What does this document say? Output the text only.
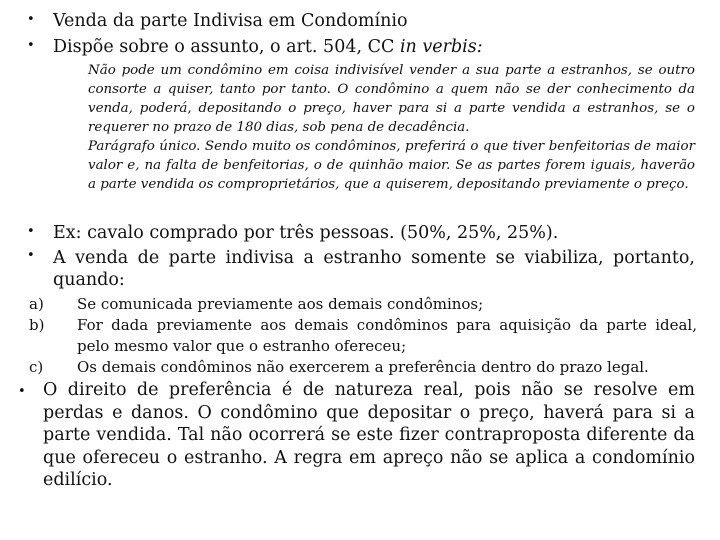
• Venda da parte Indivisa em Condomínio
• Dispõe sobre o assunto, o art. 504, CC in verbis:
Não pode um condômino em coisa indivisível vender a sua parte a estranhos, se outro consorte a quiser, tanto por tanto. O condômino a quem não se der conhecimento da venda, poderá, depositando o preço, haver para si a parte vendida a estranhos, se o requerer no prazo de 180 dias, sob pena de decadência.
Parágrafo único. Sendo muito os condôminos, preferirá o que tiver benfeitorias de maior valor e, na falta de benfeitorias, o de quinhão maior. Se as partes forem iguais, haverão a parte vendida os comproprietários, que a quiserem, depositando previamente o preço.
• Ex: cavalo comprado por três pessoas. (50%, 25%, 25%).
• A venda de parte indivisa a estranho somente se viabiliza, portanto, quando:
a) Se comunicada previamente aos demais condôminos;
b) For dada previamente aos demais condôminos para aquisição da parte ideal, pelo mesmo valor que o estranho ofereceu;
c) Os demais condôminos não exercerem a preferência dentro do prazo legal.
• O direito de preferência é de natureza real, pois não se resolve em perdas e danos. O condômino que depositar o preço, haverá para si a parte vendida. Tal não ocorrerá se este fizer contraproposta diferente da que ofereceu o estranho. A regra em apreço não se aplica a condomínio edilício.
